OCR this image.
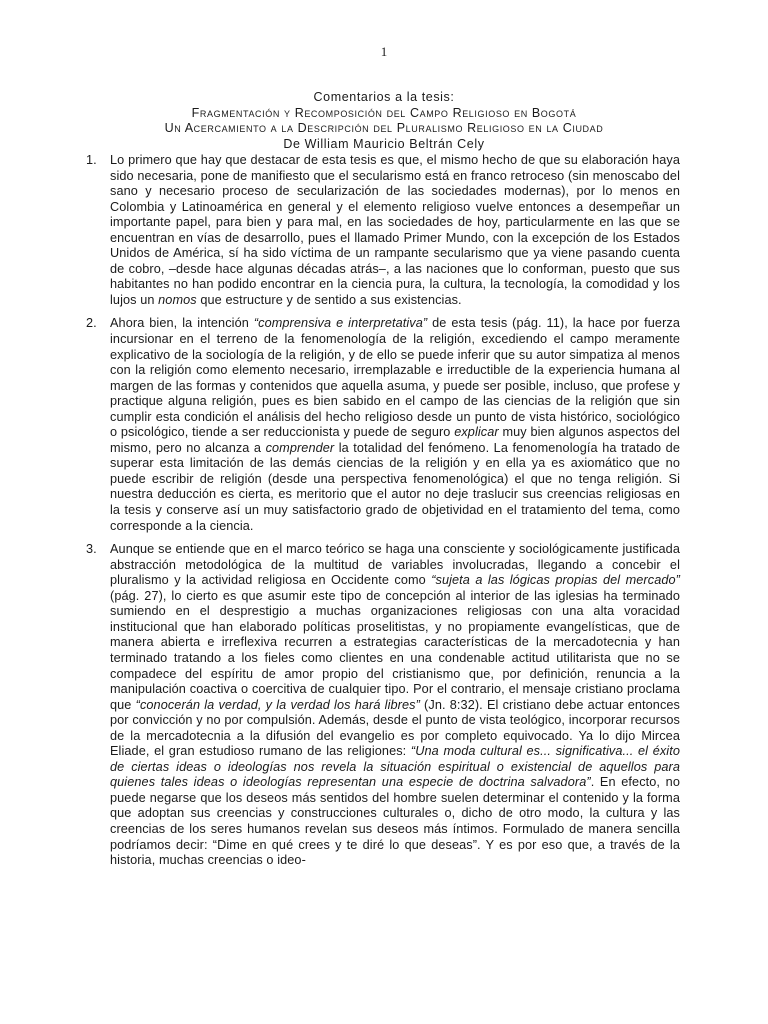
1
Comentarios a la tesis:
Fragmentación y Recomposición del Campo Religioso en Bogotá
Un Acercamiento a la Descripción del Pluralismo Religioso en la Ciudad
De William Mauricio Beltrán Cely
1. Lo primero que hay que destacar de esta tesis es que, el mismo hecho de que su elaboración haya sido necesaria, pone de manifiesto que el secularismo está en franco retroceso (sin menoscabo del sano y necesario proceso de secularización de las sociedades modernas), por lo menos en Colombia y Latinoamérica en general y el elemento religioso vuelve entonces a desempeñar un importante papel, para bien y para mal, en las sociedades de hoy, particularmente en las que se encuentran en vías de desarrollo, pues el llamado Primer Mundo, con la excepción de los Estados Unidos de América, sí ha sido víctima de un rampante secularismo que ya viene pasando cuenta de cobro, –desde hace algunas décadas atrás–, a las naciones que lo conforman, puesto que sus habitantes no han podido encontrar en la ciencia pura, la cultura, la tecnología, la comodidad y los lujos un nomos que estructure y de sentido a sus existencias.
2. Ahora bien, la intención “comprensiva e interpretativa” de esta tesis (pág. 11), la hace por fuerza incursionar en el terreno de la fenomenología de la religión, excediendo el campo meramente explicativo de la sociología de la religión, y de ello se puede inferir que su autor simpatiza al menos con la religión como elemento necesario, irremplazable e irreductible de la experiencia humana al margen de las formas y contenidos que aquella asuma, y puede ser posible, incluso, que profese y practique alguna religión, pues es bien sabido en el campo de las ciencias de la religión que sin cumplir esta condición el análisis del hecho religioso desde un punto de vista histórico, sociológico o psicológico, tiende a ser reduccionista y puede de seguro explicar muy bien algunos aspectos del mismo, pero no alcanza a comprender la totalidad del fenómeno. La fenomenología ha tratado de superar esta limitación de las demás ciencias de la religión y en ella ya es axiomático que no puede escribir de religión (desde una perspectiva fenomenológica) el que no tenga religión. Si nuestra deducción es cierta, es meritorio que el autor no deje traslucir sus creencias religiosas en la tesis y conserve así un muy satisfactorio grado de objetividad en el tratamiento del tema, como corresponde a la ciencia.
3. Aunque se entiende que en el marco teórico se haga una consciente y sociológicamente justificada abstracción metodológica de la multitud de variables involucradas, llegando a concebir el pluralismo y la actividad religiosa en Occidente como “sujeta a las lógicas propias del mercado” (pág. 27), lo cierto es que asumir este tipo de concepción al interior de las iglesias ha terminado sumiendo en el desprestigio a muchas organizaciones religiosas con una alta voracidad institucional que han elaborado políticas proselitistas, y no propiamente evangelísticas, que de manera abierta e irreflexiva recurren a estrategias características de la mercadotecnia y han terminado tratando a los fieles como clientes en una condenable actitud utilitarista que no se compadece del espíritu de amor propio del cristianismo que, por definición, renuncia a la manipulación coactiva o coercitiva de cualquier tipo. Por el contrario, el mensaje cristiano proclama que “conocerán la verdad, y la verdad los hará libres” (Jn. 8:32). El cristiano debe actuar entonces por convicción y no por compulsión. Además, desde el punto de vista teológico, incorporar recursos de la mercadotecnia a la difusión del evangelio es por completo equivocado. Ya lo dijo Mircea Eliade, el gran estudioso rumano de las religiones: “Una moda cultural es... significativa... el éxito de ciertas ideas o ideologías nos revela la situación espiritual o existencial de aquellos para quienes tales ideas o ideologías representan una especie de doctrina salvadora”. En efecto, no puede negarse que los deseos más sentidos del hombre suelen determinar el contenido y la forma que adoptan sus creencias y construcciones culturales o, dicho de otro modo, la cultura y las creencias de los seres humanos revelan sus deseos más íntimos. Formulado de manera sencilla podríamos decir: “Dime en qué crees y te diré lo que deseas”. Y es por eso que, a través de la historia, muchas creencias o ideo-
